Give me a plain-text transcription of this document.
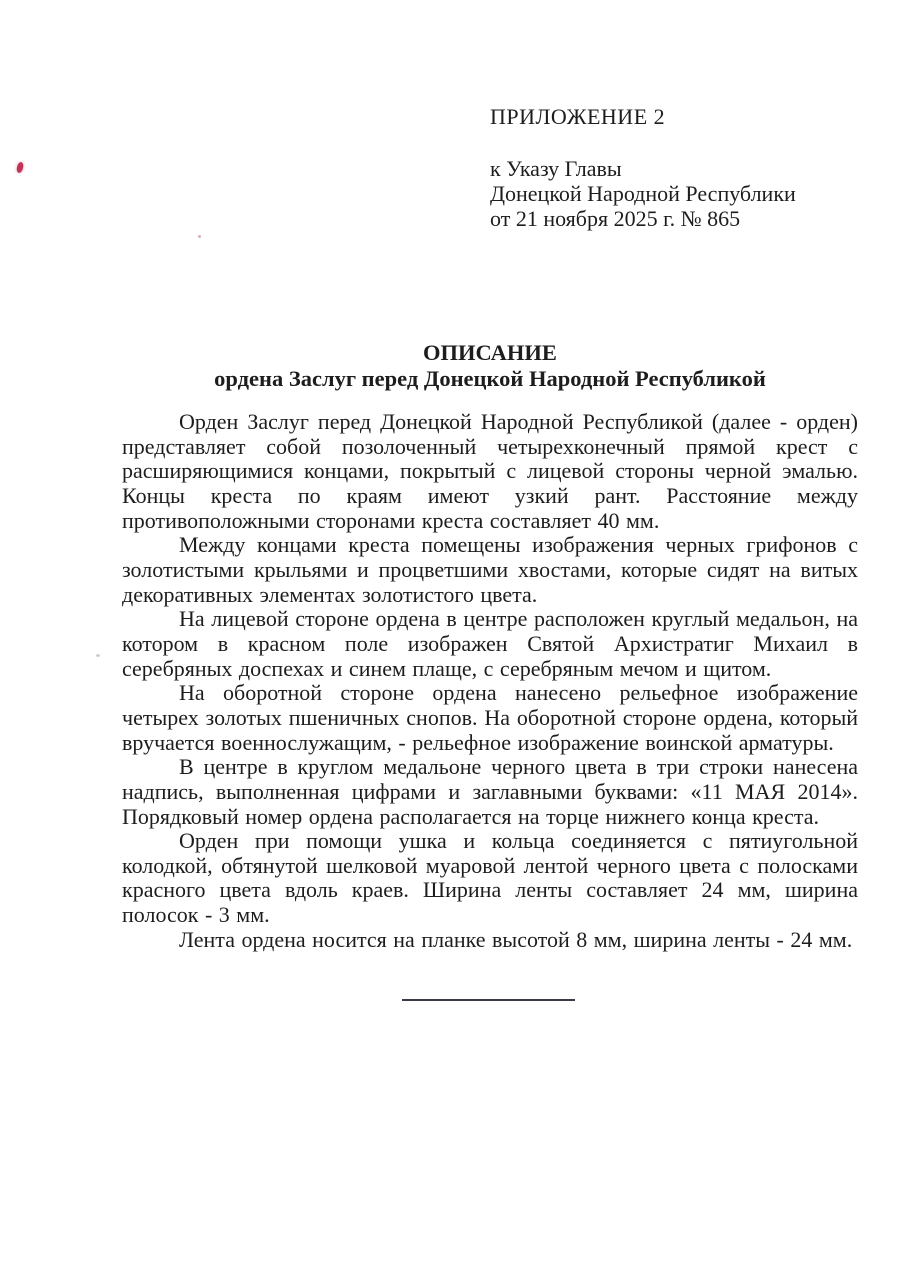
ПРИЛОЖЕНИЕ 2

к Указу Главы

Донецкой Народной Республики

от 21 ноября 2025 г. № 865

ОПИСАНИЕ

ордена Заслуг перед Донецкой Народной Республикой

Орден Заслуг перед Донецкой Народной Республикой (далее - орден) представляет собой позолоченный четырехконечный прямой крест с расширяющимися концами, покрытый с лицевой стороны черной эмалью. Концы креста по краям имеют узкий рант. Расстояние между противоположными сторонами креста составляет 40 мм.

Между концами креста помещены изображения черных грифонов с золотистыми крыльями и процветшими хвостами, которые сидят на витых декоративных элементах золотистого цвета.

На лицевой стороне ордена в центре расположен круглый медальон, на котором в красном поле изображен Святой Архистратиг Михаил в серебряных доспехах и синем плаще, с серебряным мечом и щитом.

На оборотной стороне ордена нанесено рельефное изображение четырех золотых пшеничных снопов. На оборотной стороне ордена, который вручается военнослужащим, - рельефное изображение воинской арматуры.

В центре в круглом медальоне черного цвета в три строки нанесена надпись, выполненная цифрами и заглавными буквами: «11 МАЯ 2014». Порядковый номер ордена располагается на торце нижнего конца креста.

Орден при помощи ушка и кольца соединяется с пятиугольной колодкой, обтянутой шелковой муаровой лентой черного цвета с полосками красного цвета вдоль краев. Ширина ленты составляет 24 мм, ширина полосок - 3 мм.

Лента ордена носится на планке высотой 8 мм, ширина ленты - 24 мм.
